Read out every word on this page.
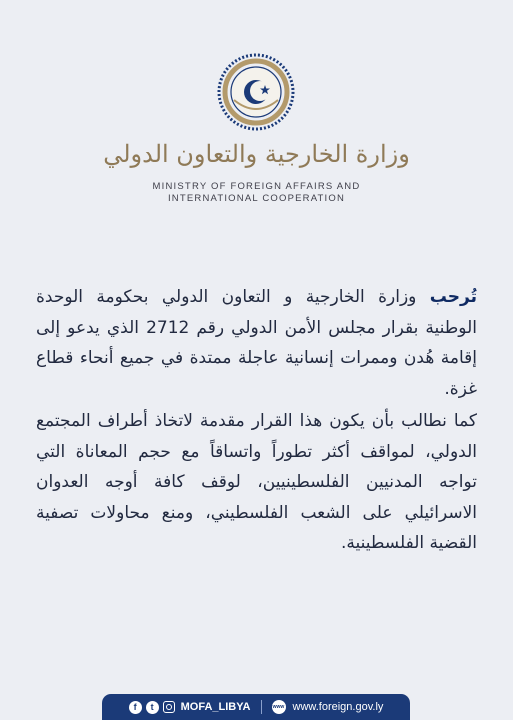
وزارة الخارجية والتعاون الدولي
MINISTRY OF FOREIGN AFFAIRS AND
INTERNATIONAL COOPERATION

تُرحب وزارة الخارجية و التعاون الدولي بحكومة الوحدة الوطنية بقرار مجلس الأمن الدولي رقم 2712 الذي يدعو إلى إقامة هُدن وممرات إنسانية عاجلة ممتدة في جميع أنحاء قطاع غزة.

كما نطالب بأن يكون هذا القرار مقدمة لاتخاذ أطراف المجتمع الدولي، لمواقف أكثر تطوراً واتساقاً مع حجم المعاناة التي تواجه المدنيين الفلسطينيين، لوقف كافة أوجه العدوان الاسرائيلي على الشعب الفلسطيني، ومنع محاولات تصفية القضية الفلسطينية.

f	t	MOFA_LIBYA	www www.foreign.gov.ly
